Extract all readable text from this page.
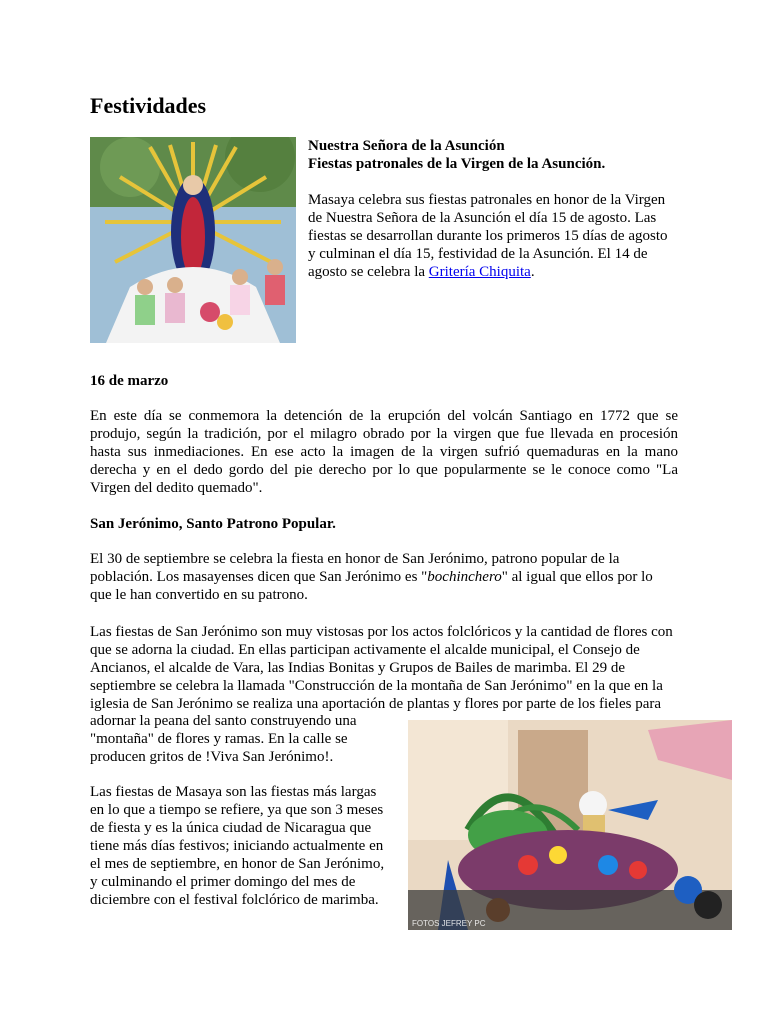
Festividades
Nuestra Señora de la Asunción
Fiestas patronales de la Virgen de la Asunción.

Masaya celebra sus fiestas patronales en honor de la Virgen de Nuestra Señora de la Asunción el día 15 de agosto. Las fiestas se desarrollan durante los primeros 15 días de agosto y culminan el día 15, festividad de la Asunción. El 14 de agosto se celebra la Gritería Chiquita.

16 de marzo
En este día se conmemora la detención de la erupción del volcán Santiago en 1772 que se produjo, según la tradición, por el milagro obrado por la virgen que fue llevada en procesión hasta sus inmediaciones. En ese acto la imagen de la virgen sufrió quemaduras en la mano derecha y en el dedo gordo del pie derecho por lo que popularmente se le conoce como "La Virgen del dedito quemado".
San Jerónimo, Santo Patrono Popular.
El 30 de septiembre se celebra la fiesta en honor de San Jerónimo, patrono popular de la población. Los masayenses dicen que San Jerónimo es "bochinchero" al igual que ellos por lo que le han convertido en su patrono.
Las fiestas de San Jerónimo son muy vistosas por los actos folclóricos y la cantidad de flores con que se adorna la ciudad. En ellas participan activamente el alcalde municipal, el Consejo de Ancianos, el alcalde de Vara, las Indias Bonitas y Grupos de Bailes de marimba. El 29 de septiembre se celebra la llamada "Construcción de la montaña de San Jerónimo" en la que en la iglesia de San Jerónimo se realiza una aportación de plantas y flores por parte de los fieles para
adornar la peana del santo construyendo una "montaña" de flores y ramas. En la calle se producen gritos de !Viva San Jerónimo!.
Las fiestas de Masaya son las fiestas más largas en lo que a tiempo se refiere, ya que son 3 meses de fiesta y es la única ciudad de Nicaragua que tiene más días festivos; iniciando actualmente en el mes de septiembre, en honor de San Jerónimo, y culminando el primer domingo del mes de diciembre con el festival folclórico de marimba.
FOTOS JEFREY PC
